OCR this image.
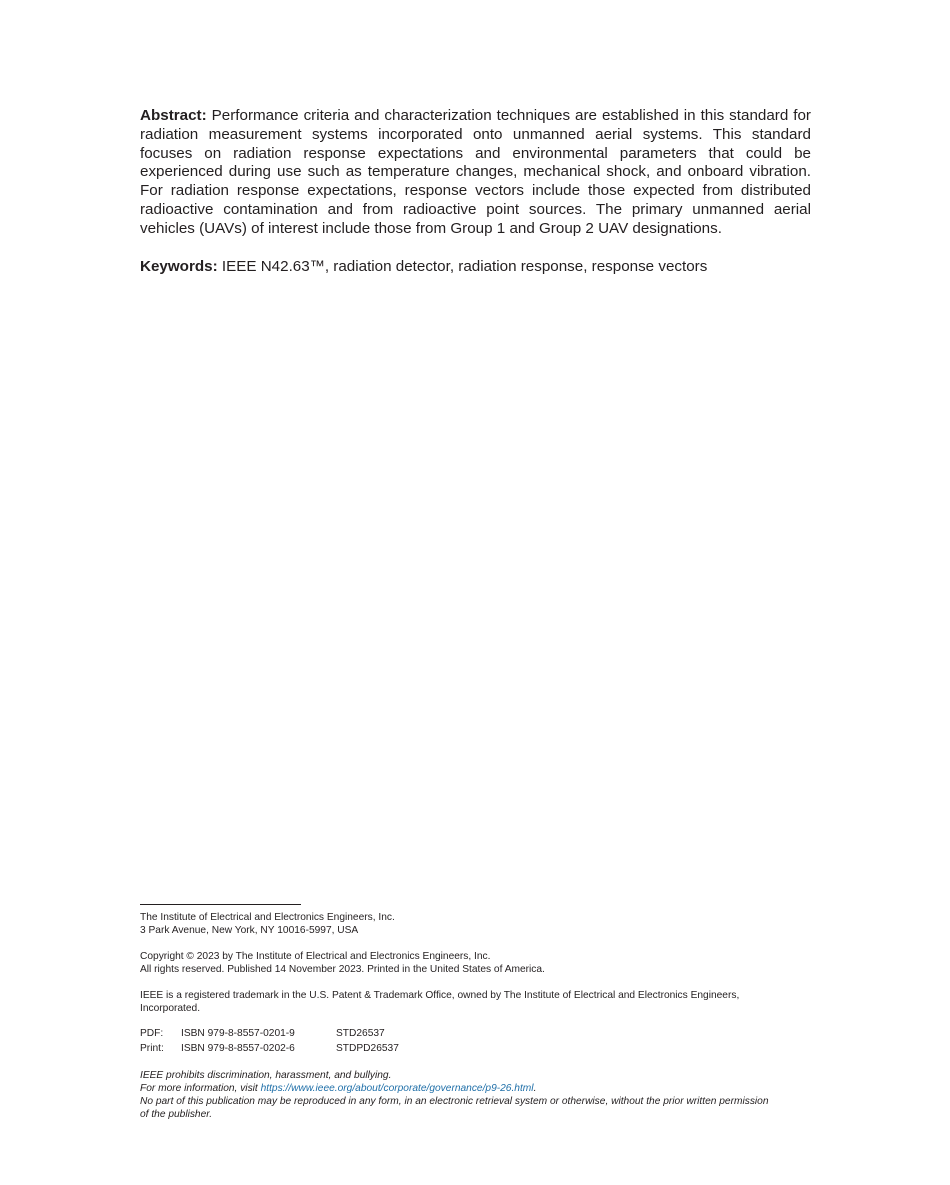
Abstract: Performance criteria and characterization techniques are established in this standard for radiation measurement systems incorporated onto unmanned aerial systems. This standard focuses on radiation response expectations and environmental parameters that could be experienced during use such as temperature changes, mechanical shock, and onboard vibration. For radiation response expectations, response vectors include those expected from distributed radioactive contamination and from radioactive point sources. The primary unmanned aerial vehicles (UAVs) of interest include those from Group 1 and Group 2 UAV designations.

Keywords: IEEE N42.63™, radiation detector, radiation response, response vectors

The Institute of Electrical and Electronics Engineers, Inc.
3 Park Avenue, New York, NY 10016-5997, USA

Copyright © 2023 by The Institute of Electrical and Electronics Engineers, Inc.
All rights reserved. Published 14 November 2023. Printed in the United States of America.

IEEE is a registered trademark in the U.S. Patent & Trademark Office, owned by The Institute of Electrical and Electronics Engineers,
Incorporated.

PDF:	ISBN 979-8-8557-0201-9	STD26537
Print:	ISBN 979-8-8557-0202-6	STDPD26537

IEEE prohibits discrimination, harassment, and bullying.
For more information, visit https://www.ieee.org/about/corporate/governance/p9-26.html.
No part of this publication may be reproduced in any form, in an electronic retrieval system or otherwise, without the prior written permission
of the publisher.
